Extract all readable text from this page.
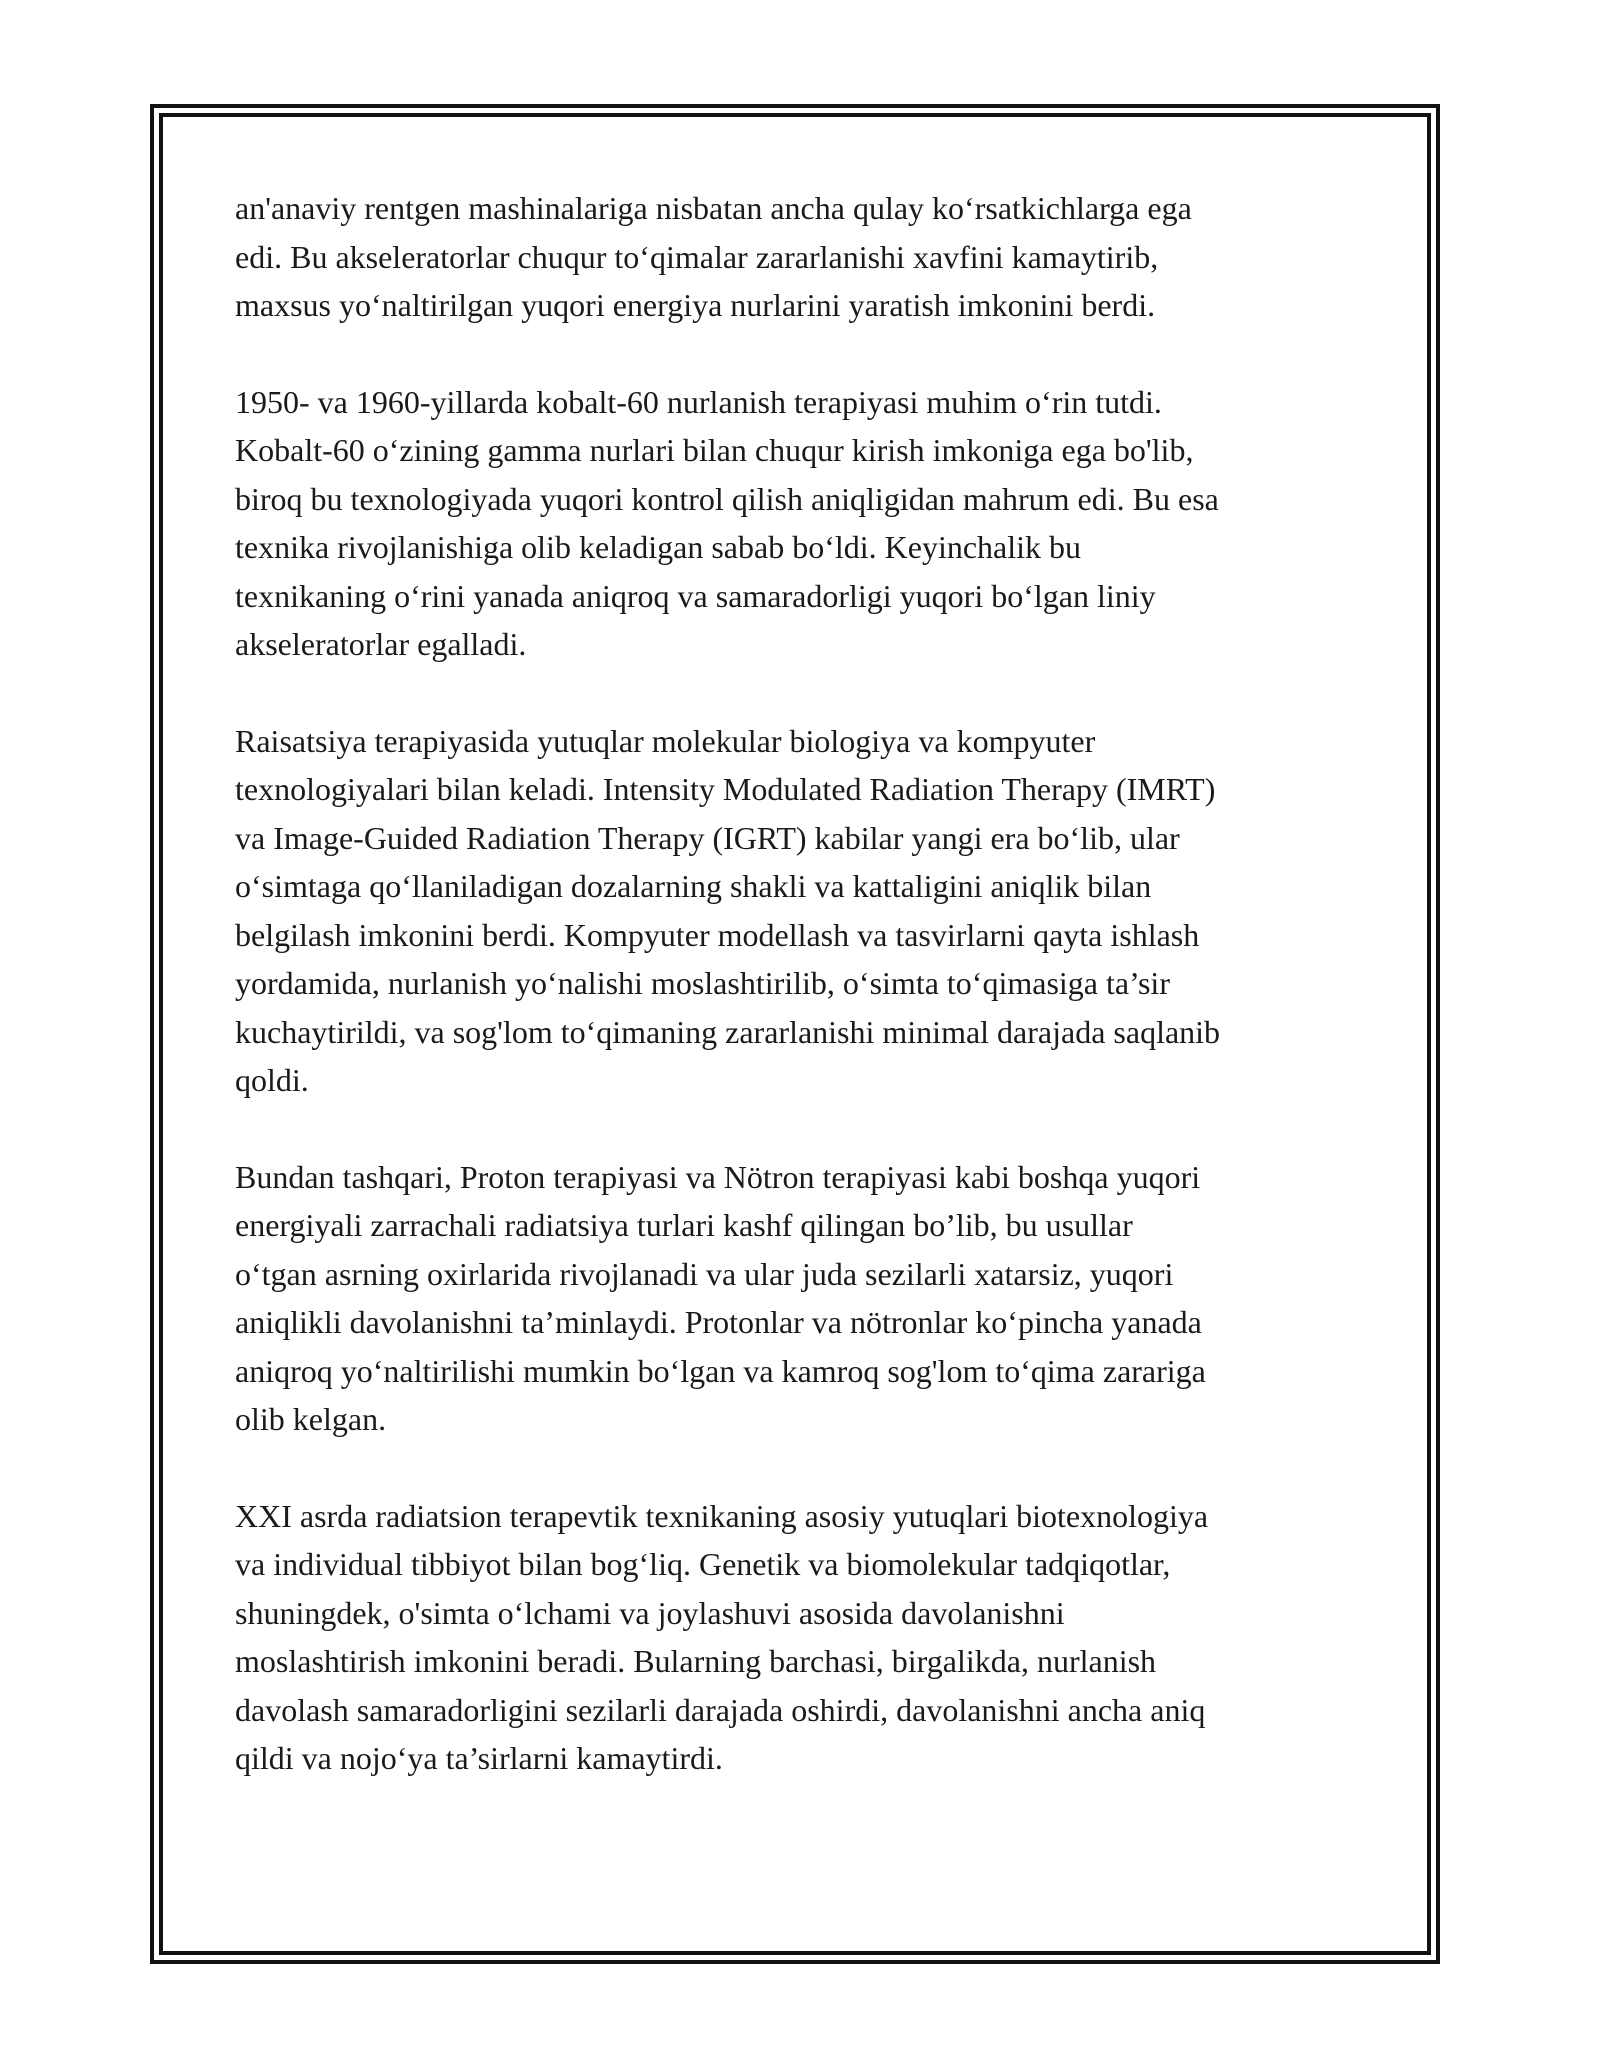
an'anaviy rentgen mashinalariga nisbatan ancha qulay ko‘rsatkichlarga ega
edi. Bu akseleratorlar chuqur to‘qimalar zararlanishi xavfini kamaytirib,
maxsus yo‘naltirilgan yuqori energiya nurlarini yaratish imkonini berdi.

1950- va 1960-yillarda kobalt-60 nurlanish terapiyasi muhim o‘rin tutdi.
Kobalt-60 o‘zining gamma nurlari bilan chuqur kirish imkoniga ega bo'lib,
biroq bu texnologiyada yuqori kontrol qilish aniqligidan mahrum edi. Bu esa
texnika rivojlanishiga olib keladigan sabab bo‘ldi. Keyinchalik bu
texnikaning o‘rini yanada aniqroq va samaradorligi yuqori bo‘lgan liniy
akseleratorlar egalladi.

Raisatsiya terapiyasida yutuqlar molekular biologiya va kompyuter
texnologiyalari bilan keladi. Intensity Modulated Radiation Therapy (IMRT)
va Image-Guided Radiation Therapy (IGRT) kabilar yangi era bo‘lib, ular
o‘simtaga qo‘llaniladigan dozalarning shakli va kattaligini aniqlik bilan
belgilash imkonini berdi. Kompyuter modellash va tasvirlarni qayta ishlash
yordamida, nurlanish yo‘nalishi moslashtirilib, o‘simta to‘qimasiga ta’sir
kuchaytirildi, va sog'lom to‘qimaning zararlanishi minimal darajada saqlanib
qoldi.

Bundan tashqari, Proton terapiyasi va Nötron terapiyasi kabi boshqa yuqori
energiyali zarrachali radiatsiya turlari kashf qilingan bo’lib, bu usullar
o‘tgan asrning oxirlarida rivojlanadi va ular juda sezilarli xatarsiz, yuqori
aniqlikli davolanishni ta’minlaydi. Protonlar va nötronlar ko‘pincha yanada
aniqroq yo‘naltirilishi mumkin bo‘lgan va kamroq sog'lom to‘qima zarariga
olib kelgan.

XXI asrda radiatsion terapevtik texnikaning asosiy yutuqlari biotexnologiya
va individual tibbiyot bilan bog‘liq. Genetik va biomolekular tadqiqotlar,
shuningdek, o'simta o‘lchami va joylashuvi asosida davolanishni
moslashtirish imkonini beradi. Bularning barchasi, birgalikda, nurlanish
davolash samaradorligini sezilarli darajada oshirdi, davolanishni ancha aniq
qildi va nojo‘ya ta’sirlarni kamaytirdi.
